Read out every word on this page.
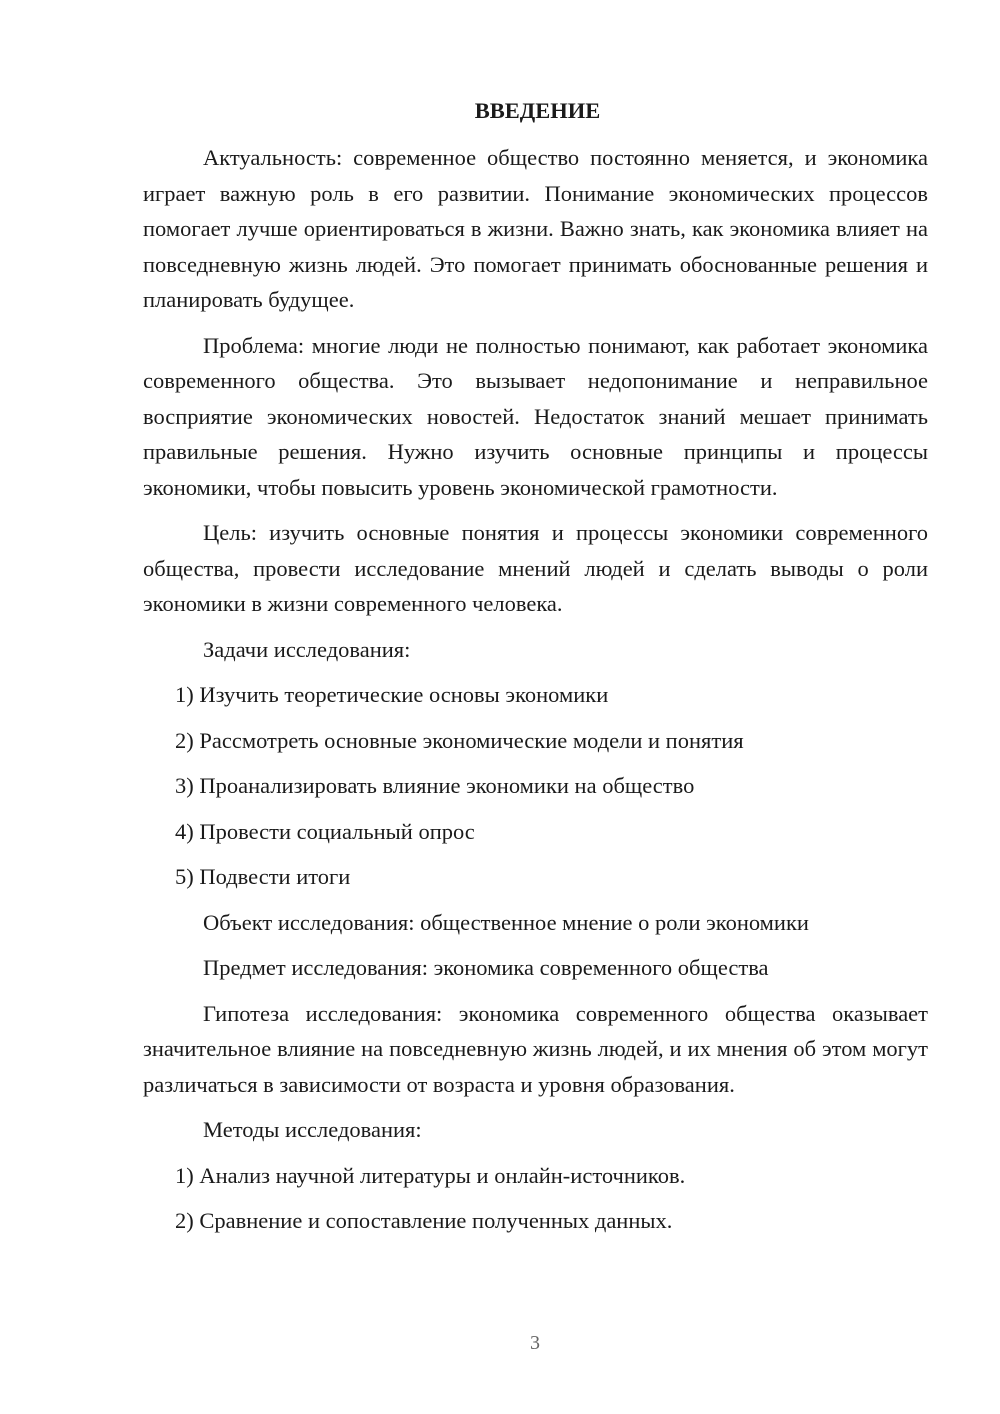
ВВЕДЕНИЕ
Актуальность: современное общество постоянно меняется, и экономика играет важную роль в его развитии. Понимание экономических процессов помогает лучше ориентироваться в жизни. Важно знать, как экономика влияет на повседневную жизнь людей. Это помогает принимать обоснованные решения и планировать будущее.
Проблема: многие люди не полностью понимают, как работает экономика современного общества. Это вызывает недопонимание и неправильное восприятие экономических новостей. Недостаток знаний мешает принимать правильные решения. Нужно изучить основные принципы и процессы экономики, чтобы повысить уровень экономической грамотности.
Цель: изучить основные понятия и процессы экономики современного общества, провести исследование мнений людей и сделать выводы о роли экономики в жизни современного человека.
Задачи исследования:
1) Изучить теоретические основы экономики
2) Рассмотреть основные экономические модели и понятия
3) Проанализировать влияние экономики на общество
4) Провести социальный опрос
5) Подвести итоги
Объект исследования: общественное мнение о роли экономики
Предмет исследования: экономика современного общества
Гипотеза исследования: экономика современного общества оказывает значительное влияние на повседневную жизнь людей, и их мнения об этом могут различаться в зависимости от возраста и уровня образования.
Методы исследования:
1) Анализ научной литературы и онлайн-источников.
2) Сравнение и сопоставление полученных данных.
3
